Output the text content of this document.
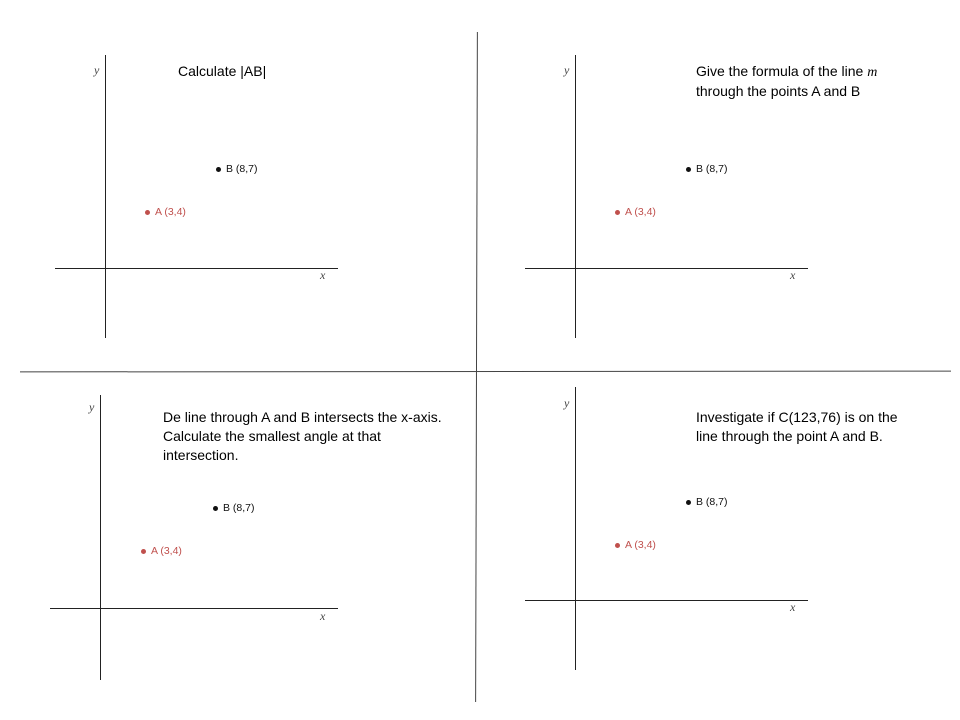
y
x
Calculate |AB|
B (8,7)
A (3,4)
y
x
Give the formula of the line m
through the points A and B
B (8,7)
A (3,4)
y
x
De line through A and B intersects the x-axis.
Calculate the smallest angle at that
intersection.
B (8,7)
A (3,4)
y
x
Investigate if C(123,76) is on the
line through the point A and B.
B (8,7)
A (3,4)
